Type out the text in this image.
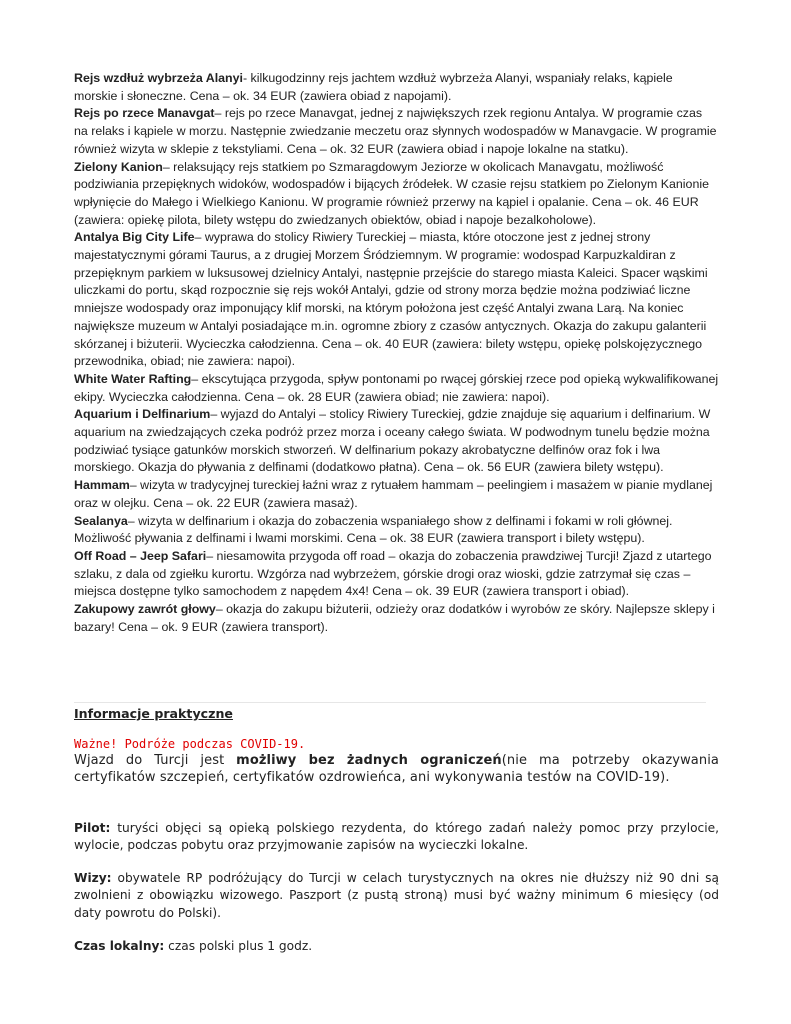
Rejs wzdłuż wybrzeża Alanyi- kilkugodzinny rejs jachtem wzdłuż wybrzeża Alanyi, wspaniały relaks, kąpiele morskie i słoneczne. Cena – ok. 34 EUR (zawiera obiad z napojami).

Rejs po rzece Manavgat– rejs po rzece Manavgat, jednej z największych rzek regionu Antalya. W programie czas na relaks i kąpiele w morzu. Następnie zwiedzanie meczetu oraz słynnych wodospadów w Manavgacie. W programie również wizyta w sklepie z tekstyliami. Cena – ok. 32 EUR (zawiera obiad i napoje lokalne na statku).

Zielony Kanion– relaksujący rejs statkiem po Szmaragdowym Jeziorze w okolicach Manavgatu, możliwość podziwiania przepięknych widoków, wodospadów i bijących źródełek. W czasie rejsu statkiem po Zielonym Kanionie wpłynięcie do Małego i Wielkiego Kanionu. W programie również przerwy na kąpiel i opalanie. Cena – ok. 46 EUR (zawiera: opiekę pilota, bilety wstępu do zwiedzanych obiektów, obiad i napoje bezalkoholowe).

Antalya Big City Life– wyprawa do stolicy Riwiery Tureckiej – miasta, które otoczone jest z jednej strony majestatycznymi górami Taurus, a z drugiej Morzem Śródziemnym. W programie: wodospad Karpuzkaldiran z przepięknym parkiem w luksusowej dzielnicy Antalyi, następnie przejście do starego miasta Kaleici. Spacer wąskimi uliczkami do portu, skąd rozpocznie się rejs wokół Antalyi, gdzie od strony morza będzie można podziwiać liczne mniejsze wodospady oraz imponujący klif morski, na którym położona jest część Antalyi zwana Larą. Na koniec największe muzeum w Antalyi posiadające m.in. ogromne zbiory z czasów antycznych. Okazja do zakupu galanterii skórzanej i biżuterii. Wycieczka całodzienna. Cena – ok. 40 EUR (zawiera: bilety wstępu, opiekę polskojęzycznego przewodnika, obiad; nie zawiera: napoi).

White Water Rafting– ekscytująca przygoda, spływ pontonami po rwącej górskiej rzece pod opieką wykwalifikowanej ekipy. Wycieczka całodzienna. Cena – ok. 28 EUR (zawiera obiad; nie zawiera: napoi).

Aquarium i Delfinarium– wyjazd do Antalyi – stolicy Riwiery Tureckiej, gdzie znajduje się aquarium i delfinarium. W aquarium na zwiedzających czeka podróż przez morza i oceany całego świata. W podwodnym tunelu będzie można podziwiać tysiące gatunków morskich stworzeń. W delfinarium pokazy akrobatyczne delfinów oraz fok i lwa morskiego. Okazja do pływania z delfinami (dodatkowo płatna). Cena – ok. 56 EUR (zawiera bilety wstępu).

Hammam– wizyta w tradycyjnej tureckiej łaźni wraz z rytuałem hammam – peelingiem i masażem w pianie mydlanej oraz w olejku. Cena – ok. 22 EUR (zawiera masaż).

Sealanya– wizyta w delfinarium i okazja do zobaczenia wspaniałego show z delfinami i fokami w roli głównej. Możliwość pływania z delfinami i lwami morskimi. Cena – ok. 38 EUR (zawiera transport i bilety wstępu).

Off Road – Jeep Safari– niesamowita przygoda off road – okazja do zobaczenia prawdziwej Turcji! Zjazd z utartego szlaku, z dala od zgiełku kurortu. Wzgórza nad wybrzeżem, górskie drogi oraz wioski, gdzie zatrzymał się czas – miejsca dostępne tylko samochodem z napędem 4x4! Cena – ok. 39 EUR (zawiera transport i obiad).

Zakupowy zawrót głowy– okazja do zakupu biżuterii, odzieży oraz dodatków i wyrobów ze skóry. Najlepsze sklepy i bazary! Cena – ok. 9 EUR (zawiera transport).

Informacje praktyczne
Ważne! Podróże podczas COVID-19.
Wjazd do Turcji jest możliwy bez żadnych ograniczeń(nie ma potrzeby okazywania certyfikatów szczepień, certyfikatów ozdrowieńca, ani wykonywania testów na COVID-19).

Pilot: turyści objęci są opieką polskiego rezydenta, do którego zadań należy pomoc przy przylocie, wylocie, podczas pobytu oraz przyjmowanie zapisów na wycieczki lokalne.

Wizy: obywatele RP podróżujący do Turcji w celach turystycznych na okres nie dłuższy niż 90 dni są zwolnieni z obowiązku wizowego. Paszport (z pustą stroną) musi być ważny minimum 6 miesięcy (od daty powrotu do Polski).

Czas lokalny: czas polski plus 1 godz.
